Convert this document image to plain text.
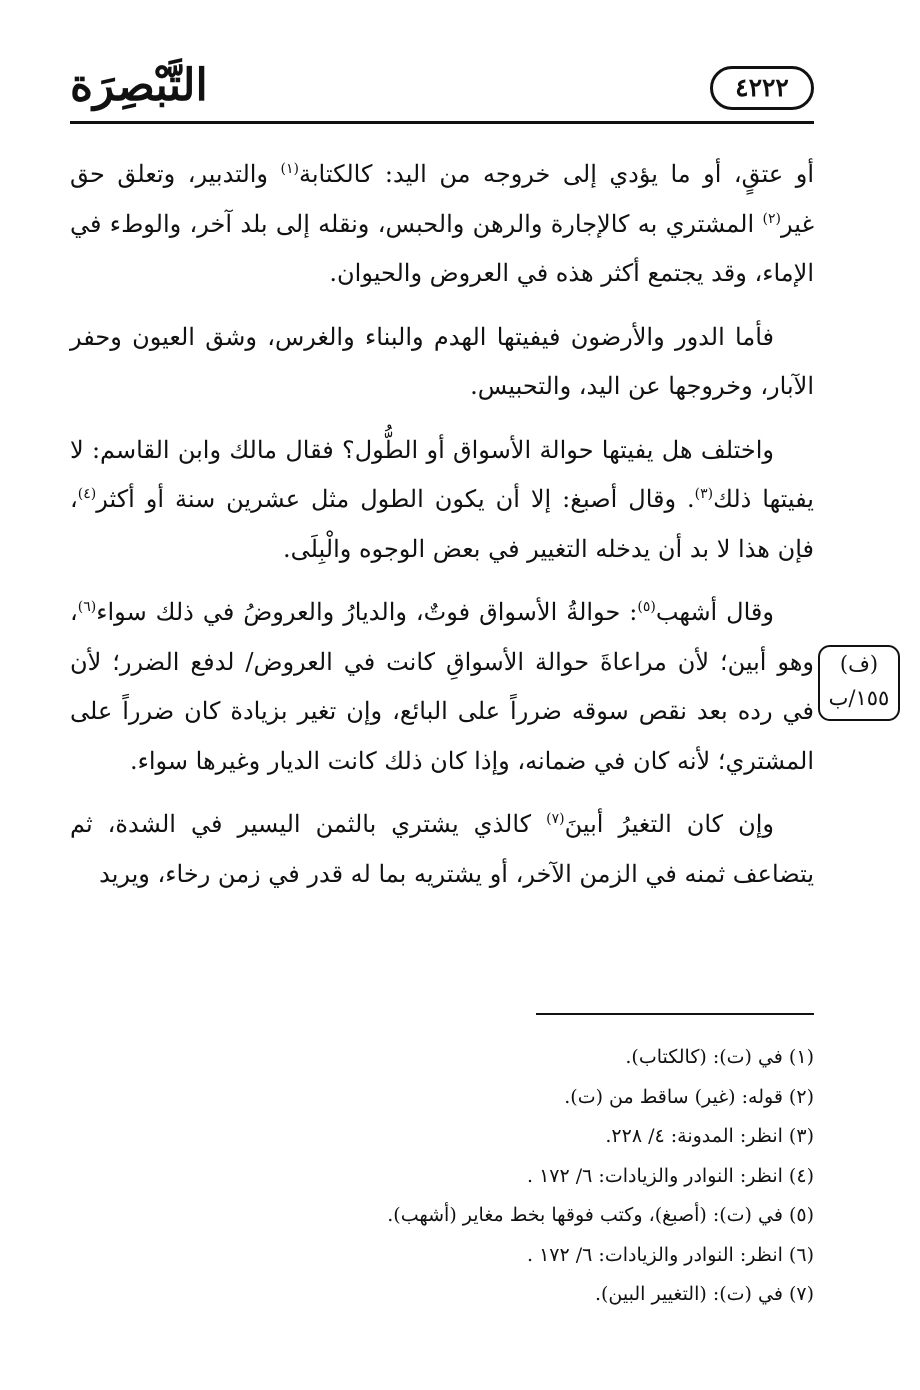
٤٢٢٢
التَّبْصِرَة

أو عتقٍ، أو ما يؤدي إلى خروجه من اليد: كالكتابة$^{(١)}$ والتدبير، وتعلق حق غير$^{(٢)}$ المشتري به كالإجارة والرهن والحبس، ونقله إلى بلد آخر، والوطء في الإماء، وقد يجتمع أكثر هذه في العروض والحيوان.

فأما الدور والأرضون فيفيتها الهدم والبناء والغرس، وشق العيون وحفر الآبار، وخروجها عن اليد، والتحبيس.

واختلف هل يفيتها حوالة الأسواق أو الطُّول؟ فقال مالك وابن القاسم: لا يفيتها ذلك$^{(٣)}$. وقال أصبغ: إلا أن يكون الطول مثل عشرين سنة أو أكثر$^{(٤)}$، فإن هذا لا بد أن يدخله التغيير في بعض الوجوه والْبِلَى.

وقال أشهب$^{(٥)}$: حوالةُ الأسواق فوتٌ، والديارُ والعروضُ في ذلك سواء$^{(٦)}$، وهو أبين؛ لأن مراعاةَ حوالة الأسواقِ كانت في العروض/ لدفع الضرر؛ لأن في رده بعد نقص سوقه ضرراً على البائع، وإن تغير بزيادة كان ضرراً على المشتري؛ لأنه كان في ضمانه، وإذا كان ذلك كانت الديار وغيرها سواء.

وإن كان التغيرُ أبينَ$^{(٧)}$ كالذي يشتري بالثمن اليسير في الشدة، ثم يتضاعف ثمنه في الزمن الآخر، أو يشتريه بما له قدر في زمن رخاء، ويريد

(ف)
١٥٥/ب
(١) في (ت): (كالكتاب).
(٢) قوله: (غير) ساقط من (ت).
(٣) انظر: المدونة: ٤/ ٢٢٨.
(٤) انظر: النوادر والزيادات: ٦/ ١٧٢ .
(٥) في (ت): (أصبغ)، وكتب فوقها بخط مغاير (أشهب).
(٦) انظر: النوادر والزيادات: ٦/ ١٧٢ .
(٧) في (ت): (التغيير البين).
